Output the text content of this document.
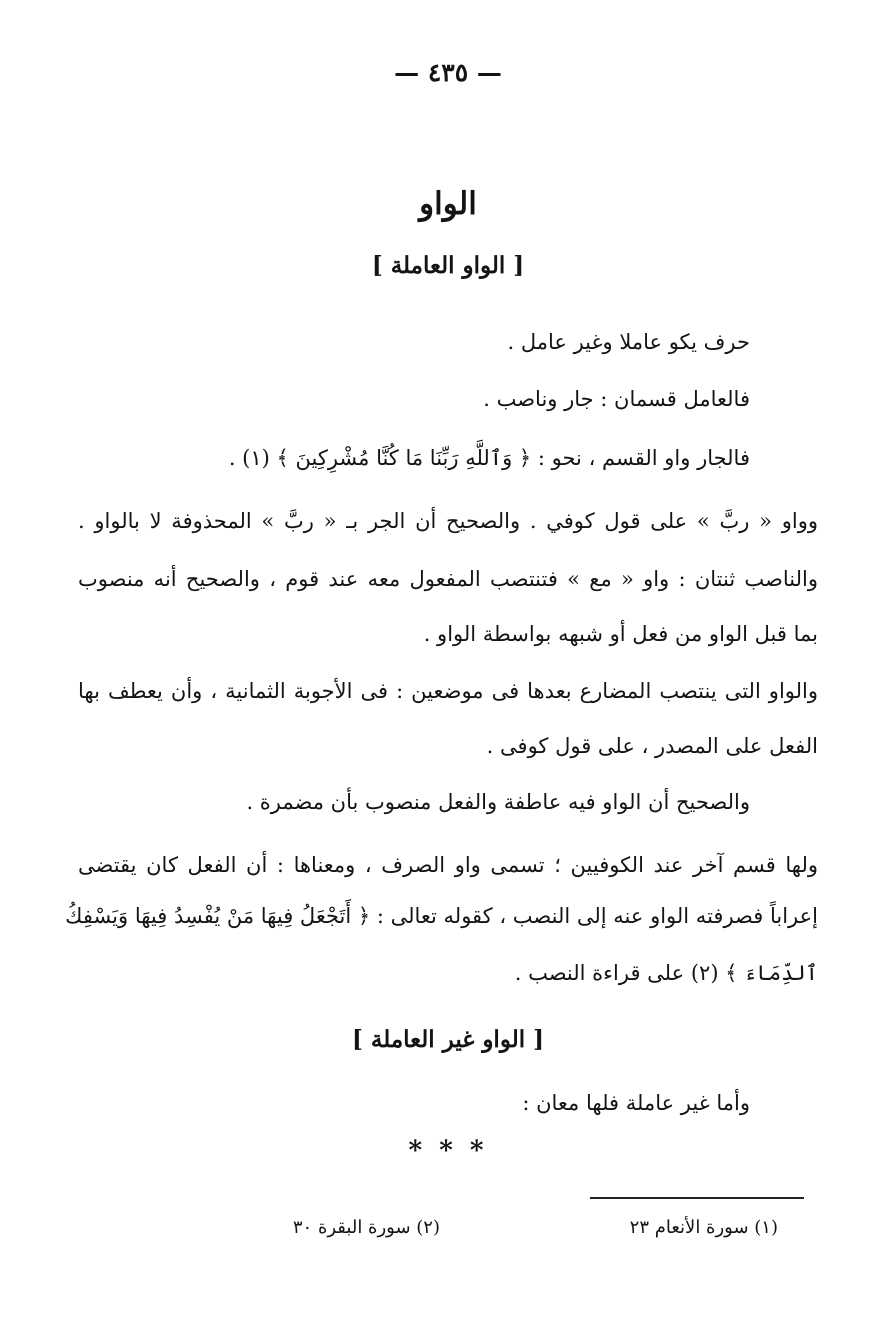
— ٤٣٥ —
الواو
[ الواو العاملة ]
حرف يكو عاملا وغير عامل .
فالعامل قسمان : جار وناصب .
فالجار واو القسم ، نحو : ﴿ وَٱللَّهِ رَبِّنَا مَا كُنَّا مُشْرِكِينَ ﴾ (١) .
وواو « ربَّ » على قول كوفي . والصحيح أن الجر بـ « ربَّ » المحذوفة لا بالواو .
والناصب ثنتان : واو « مع » فتنتصب المفعول معه عند قوم ، والصحيح أنه منصوب
بما قبل الواو من فعل أو شبهه بواسطة الواو .
والواو التى ينتصب المضارع بعدها فى موضعين : فى الأجوبة الثمانية ، وأن يعطف بها
الفعل على المصدر ، على قول كوفى .
والصحيح أن الواو فيه عاطفة والفعل منصوب بأن مضمرة .
ولها قسم آخر عند الكوفيين ؛ تسمى واو الصرف ، ومعناها : أن الفعل كان يقتضى
إعراباً فصرفته الواو عنه إلى النصب ، كقوله تعالى : ﴿ أَتَجْعَلُ فِيهَا مَنْ يُفْسِدُ فِيهَا وَيَسْفِكُ
ٱلدِّمَاءَ ﴾ (٢) على قراءة النصب .
[ الواو غير العاملة ]
وأما غير عاملة فلها معان :
* * *
(١) سورة الأنعام ٢٣
(٢) سورة البقرة ٣٠
